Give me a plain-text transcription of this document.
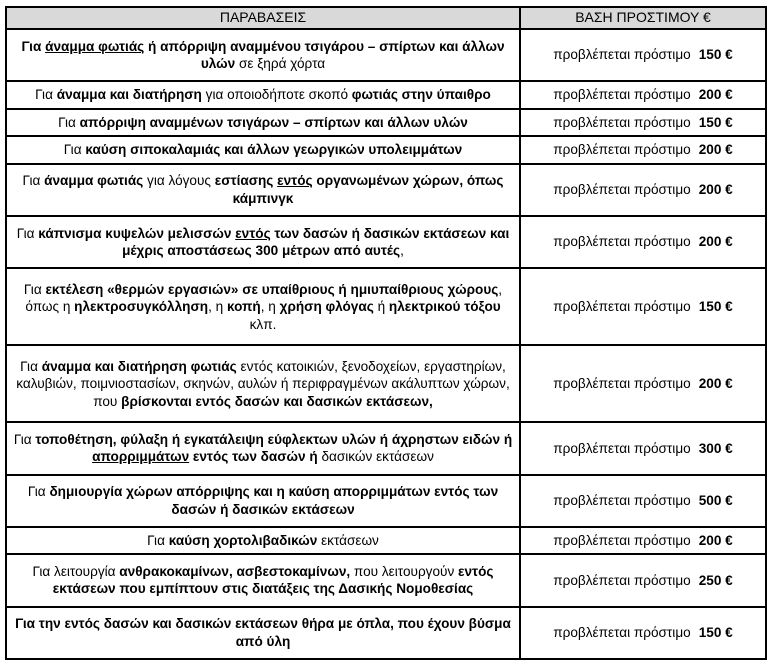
ΠΑΡΑΒΑΣΕΙΣ	ΒΑΣΗ ΠΡΟΣΤΙΜΟΥ €
Για άναμμα φωτιάς ή απόρριψη αναμμένου τσιγάρου – σπίρτων και άλλων υλών σε ξηρά χόρτα	προβλέπεται πρόστιμο 150 €
Για άναμμα και διατήρηση για οποιοδήποτε σκοπό φωτιάς στην ύπαιθρο	προβλέπεται πρόστιμο 200 €
Για απόρριψη αναμμένων τσιγάρων – σπίρτων και άλλων υλών	προβλέπεται πρόστιμο 150 €
Για καύση σιποκαλαμιάς και άλλων γεωργικών υπολειμμάτων	προβλέπεται πρόστιμο 200 €
Για άναμμα φωτιάς για λόγους εστίασης εντός οργανωμένων χώρων, όπως κάμπινγκ	προβλέπεται πρόστιμο 200 €
Για κάπνισμα κυψελών μελισσών εντός των δασών ή δασικών εκτάσεων και μέχρις αποστάσεως 300 μέτρων από αυτές,	προβλέπεται πρόστιμο 200 €
Για εκτέλεση «θερμών εργασιών» σε υπαίθριους ή ημιυπαίθριους χώρους, όπως η ηλεκτροσυγκόλληση, η κοπή, η χρήση φλόγας ή ηλεκτρικού τόξου κλπ.	προβλέπεται πρόστιμο 150 €
Για άναμμα και διατήρηση φωτιάς εντός κατοικιών, ξενοδοχείων, εργαστηρίων, καλυβιών, ποιμνιοστασίων, σκηνών, αυλών ή περιφραγμένων ακάλυπτων χώρων, που βρίσκονται εντός δασών και δασικών εκτάσεων,	προβλέπεται πρόστιμο 200 €
Για τοποθέτηση, φύλαξη ή εγκατάλειψη εύφλεκτων υλών ή άχρηστων ειδών ή απορριμμάτων εντός των δασών ή δασικών εκτάσεων	προβλέπεται πρόστιμο 300 €
Για δημιουργία χώρων απόρριψης και η καύση απορριμμάτων εντός των δασών ή δασικών εκτάσεων	προβλέπεται πρόστιμο 500 €
Για καύση χορτολιβαδικών εκτάσεων	προβλέπεται πρόστιμο 200 €
Για λειτουργία ανθρακοκαμίνων, ασβεστοκαμίνων, που λειτουργούν εντός εκτάσεων που εμπίπτουν στις διατάξεις της Δασικής Νομοθεσίας	προβλέπεται πρόστιμο 250 €
Για την εντός δασών και δασικών εκτάσεων θήρα με όπλα, που έχουν βύσμα από ύλη	προβλέπεται πρόστιμο 150 €
